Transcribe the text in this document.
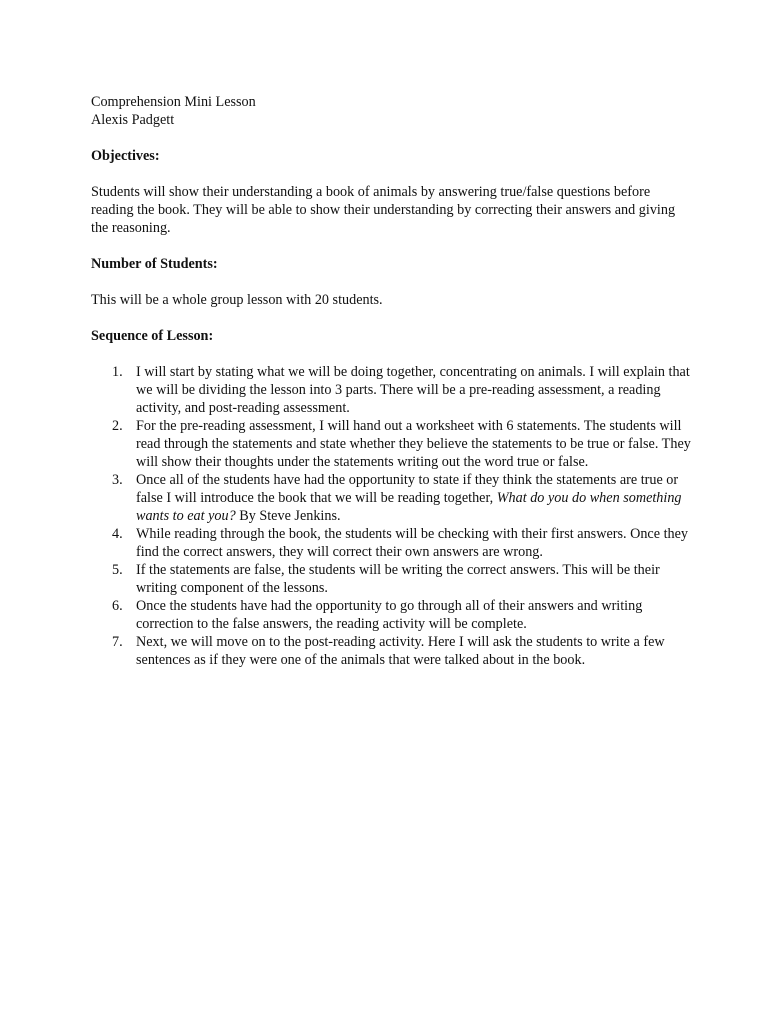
Comprehension Mini Lesson
Alexis Padgett
Objectives:

Students will show their understanding a book of animals by answering true/false questions before reading the book. They will be able to show their understanding by correcting their answers and giving the reasoning.

Number of Students:

This will be a whole group lesson with 20 students.

Sequence of Lesson:
1. I will start by stating what we will be doing together, concentrating on animals. I will explain that we will be dividing the lesson into 3 parts. There will be a pre-reading assessment, a reading activity, and post-reading assessment.
2. For the pre-reading assessment, I will hand out a worksheet with 6 statements. The students will read through the statements and state whether they believe the statements to be true or false. They will show their thoughts under the statements writing out the word true or false.
3. Once all of the students have had the opportunity to state if they think the statements are true or false I will introduce the book that we will be reading together, What do you do when something wants to eat you? By Steve Jenkins.
4. While reading through the book, the students will be checking with their first answers. Once they find the correct answers, they will correct their own answers are wrong.
5. If the statements are false, the students will be writing the correct answers. This will be their writing component of the lessons.
6. Once the students have had the opportunity to go through all of their answers and writing correction to the false answers, the reading activity will be complete.
7. Next, we will move on to the post-reading activity. Here I will ask the students to write a few sentences as if they were one of the animals that were talked about in the book.
